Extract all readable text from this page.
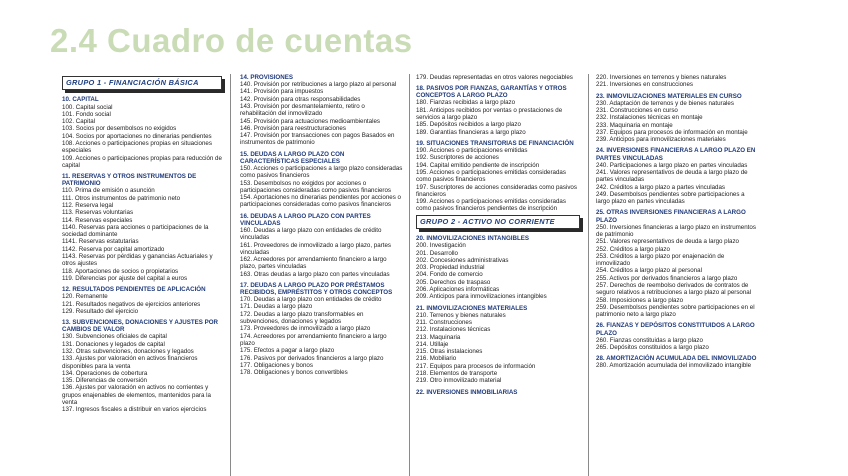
2.4 Cuadro de cuentas
GRUPO 1 - FINANCIACIÓN BÁSICA
10. CAPITAL
100. Capital social
101. Fondo social
102. Capital
103. Socios por desembolsos no exigidos
104. Socios por aportaciones no dinerarias pendientes
108. Acciones o participaciones propias en situaciones especiales
109. Acciones o participaciones propias para reducción de capital
11. RESERVAS Y OTROS INSTRUMENTOS DE PATRIMONIO
110. Prima de emisión o asunción
111. Otros instrumentos de patrimonio neto
112. Reserva legal
113. Reservas voluntarias
114. Reservas especiales
1140. Reservas para acciones o participaciones de la sociedad dominante
1141. Reservas estatutarias
1142. Reserva por capital amortizado
1143. Reservas por pérdidas y ganancias Actuariales y otros ajustes
118. Aportaciones de socios o propietarios
119. Diferencias por ajuste del capital a euros
12. RESULTADOS PENDIENTES DE APLICACIÓN
120. Remanente
121. Resultados negativos de ejercicios anteriores
129. Resultado del ejercicio
13. SUBVENCIONES, DONACIONES Y AJUSTES POR CAMBIOS DE VALOR
130. Subvenciones oficiales de capital
131. Donaciones y legados de capital
132. Otras subvenciones, donaciones y legados
133. Ajustes por valoración en activos financieros disponibles para la venta
134. Operaciones de cobertura
135. Diferencias de conversión
136. Ajustes por valoración en activos no corrientes y grupos enajenables de elementos, mantenidos para la venta
137. Ingresos fiscales a distribuir en varios ejercicios
14. PROVISIONES
140. Provisión por retribuciones a largo plazo al personal
141. Provisión para impuestos
142. Provisión para otras responsabilidades
143. Provisión por desmantelamiento, retiro o rehabilitación del inmovilizado
145. Provisión para actuaciones medioambientales
146. Provisión para reestructuraciones
147. Provisión por transacciones con pagos Basados en instrumentos de patrimonio
15. DEUDAS A LARGO PLAZO CON CARACTERÍSTICAS ESPECIALES
150. Acciones o participaciones a largo plazo consideradas como pasivos financieros
153. Desembolsos no exigidos por acciones o participaciones consideradas como pasivos financieros
154. Aportaciones no dinerarias pendientes por acciones o participaciones consideradas como pasivos financieros
16. DEUDAS A LARGO PLAZO CON PARTES VINCULADAS
160. Deudas a largo plazo con entidades de crédito vinculadas
161. Proveedores de inmovilizado a largo plazo, partes vinculadas
162. Acreedores por arrendamiento financiero a largo plazo, partes vinculadas
163. Otras deudas a largo plazo con partes vinculadas
17. DEUDAS A LARGO PLAZO POR PRÉSTAMOS RECIBIDOS, EMPRÉSTITOS Y OTROS CONCEPTOS
170. Deudas a largo plazo con entidades de crédito
171. Deudas a largo plazo
172. Deudas a largo plazo transformables en subvenciones, donaciones y legados
173. Proveedores de inmovilizado a largo plazo
174. Acreedores por arrendamiento financiero a largo plazo
175. Efectos a pagar a largo plazo
176. Pasivos por derivados financieros a largo plazo
177. Obligaciones y bonos
178. Obligaciones y bonos convertibles
179. Deudas representadas en otros valores negociables
18. PASIVOS POR FIANZAS, GARANTÍAS Y OTROS CONCEPTOS A LARGO PLAZO
180. Fianzas recibidas a largo plazo
181. Anticipos recibidos por ventas o prestaciones de servicios a largo plazo
185. Depósitos recibidos a largo plazo
189. Garantías financieras a largo plazo
19. SITUACIONES TRANSITORIAS DE FINANCIACIÓN
190. Acciones o participaciones emitidas
192. Suscriptores de acciones
194. Capital emitido pendiente de inscripción
195. Acciones o participaciones emitidas consideradas como pasivos financieros
197. Suscriptores de acciones consideradas como pasivos financieros
199. Acciones o participaciones emitidas consideradas como pasivos financieros pendientes de inscripción
GRUPO 2 - ACTIVO NO CORRIENTE
20. INMOVILIZACIONES INTANGIBLES
200. Investigación
201. Desarrollo
202. Concesiones administrativas
203. Propiedad industrial
204. Fondo de comercio
205. Derechos de traspaso
206. Aplicaciones informáticas
209. Anticipos para inmovilizaciones intangibles
21. INMOVILIZACIONES MATERIALES
210. Terrenos y bienes naturales
211. Construcciones
212. Instalaciones técnicas
213. Maquinaria
214. Utillaje
215. Otras instalaciones
216. Mobiliario
217. Equipos para procesos de información
218. Elementos de transporte
219. Otro inmovilizado material
22. INVERSIONES INMOBILIARIAS
220. Inversiones en terrenos y bienes naturales
221. Inversiones en construcciones
23. INMOVILIZACIONES MATERIALES EN CURSO
230. Adaptación de terrenos y de bienes naturales
231. Construcciones en curso
232. Instalaciones técnicas en montaje
233. Maquinaria en montaje
237. Equipos para procesos de información en montaje
239. Anticipos para inmovilizaciones materiales
24. INVERSIONES FINANCIERAS A LARGO PLAZO EN PARTES VINCULADAS
240. Participaciones a largo plazo en partes vinculadas
241. Valores representativos de deuda a largo plazo de partes vinculadas
242. Créditos a largo plazo a partes vinculadas
249. Desembolsos pendientes sobre participaciones a largo plazo en partes vinculadas
25. OTRAS INVERSIONES FINANCIERAS A LARGO PLAZO
250. Inversiones financieras a largo plazo en instrumentos de patrimonio
251. Valores representativos de deuda a largo plazo
252. Créditos a largo plazo
253. Créditos a largo plazo por enajenación de inmovilizado
254. Créditos a largo plazo al personal
255. Activos por derivados financieros a largo plazo
257. Derechos de reembolso derivados de contratos de seguro relativos a retribuciones a largo plazo al personal
258. Imposiciones a largo plazo
259. Desembolsos pendientes sobre participaciones en el patrimonio neto a largo plazo
26. FIANZAS Y DEPÓSITOS CONSTITUIDOS A LARGO PLAZO
260. Fianzas constituidas a largo plazo
265. Depósitos constituidos a largo plazo
28. AMORTIZACIÓN ACUMULADA DEL INMOVILIZADO
280. Amortización acumulada del inmovilizado intangible
